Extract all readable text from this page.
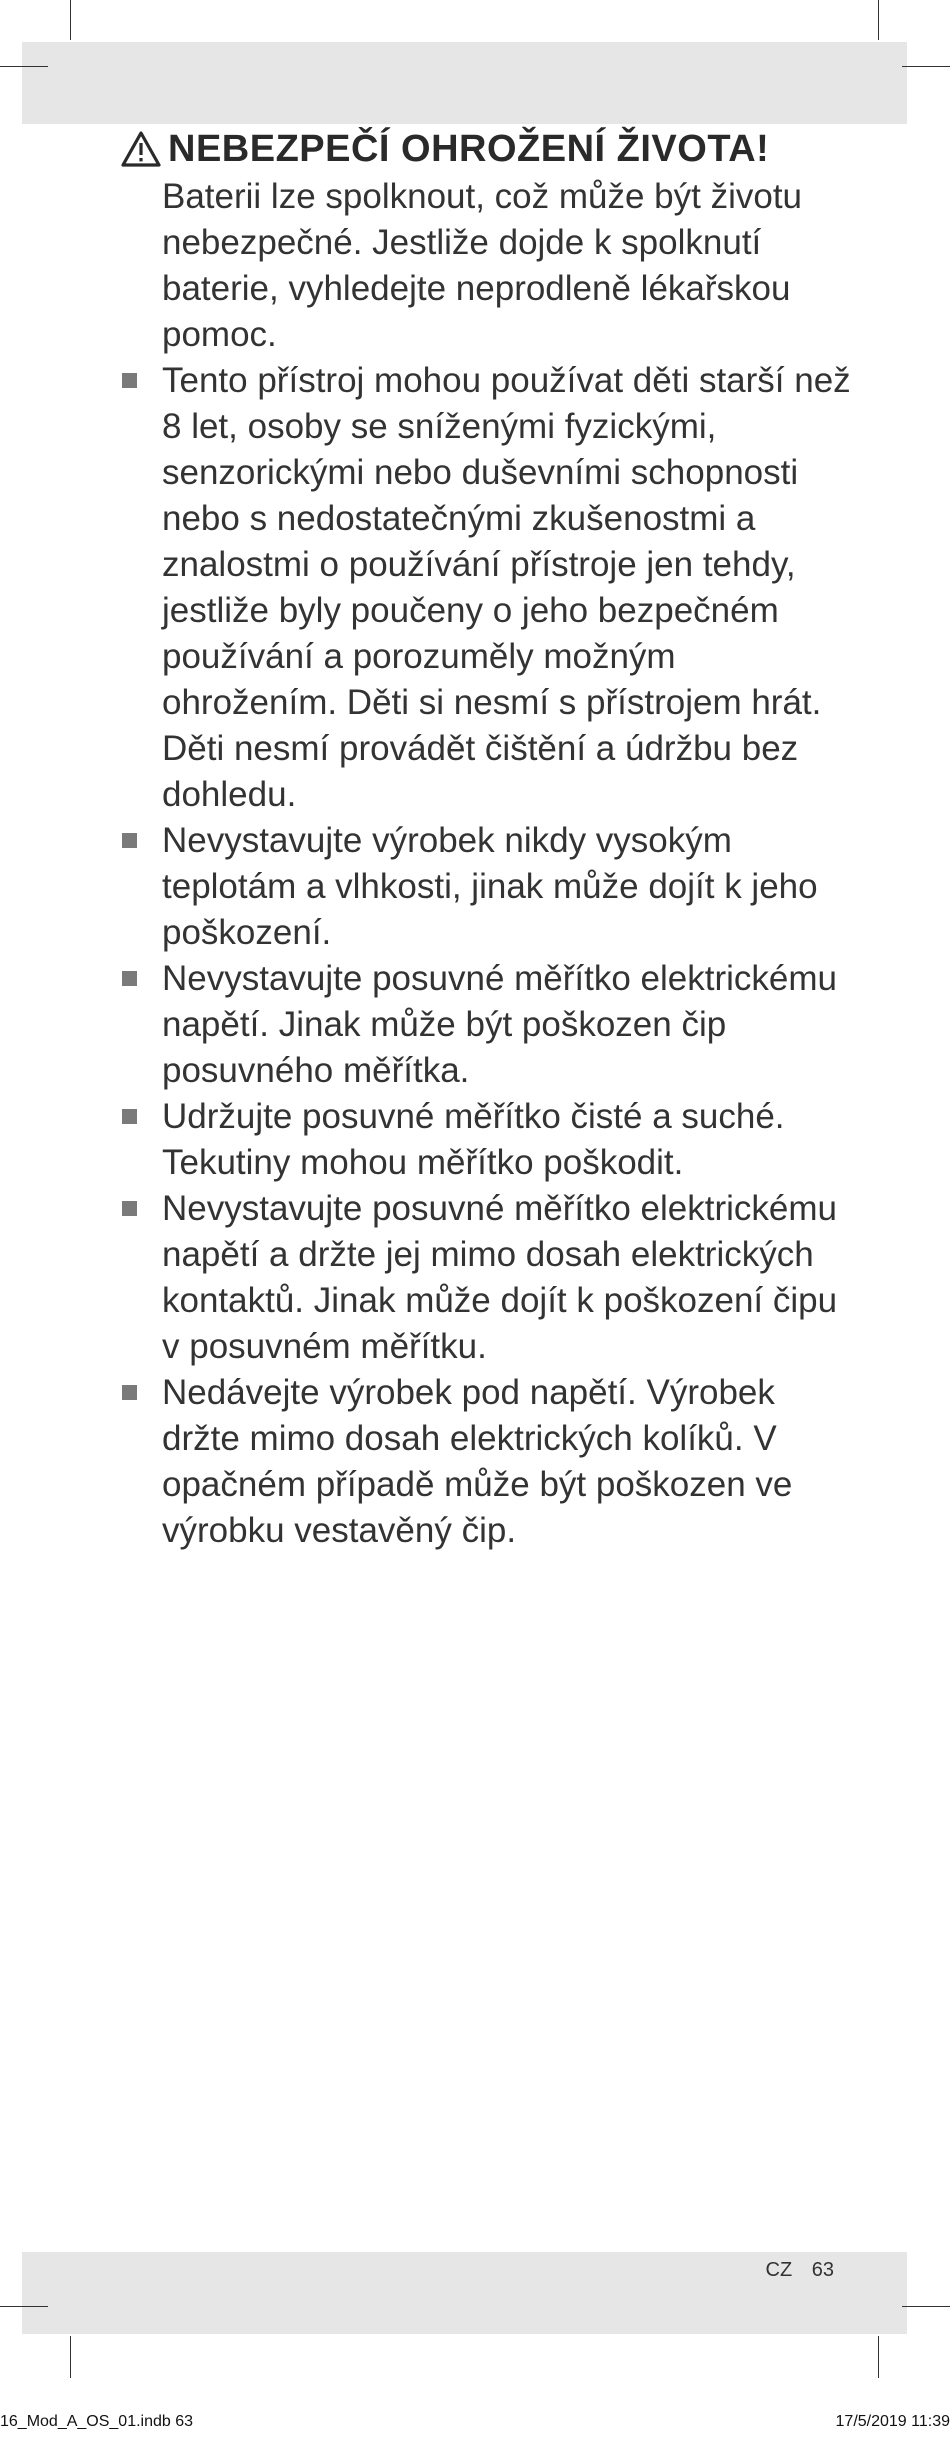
NEBEZPEČÍ OHROŽENÍ ŽIVOTA!
Baterii lze spolknout, což může být životu nebezpečné. Jestliže dojde k spolknutí baterie, vyhledejte neprodleně lékařskou pomoc.
Tento přístroj mohou používat děti starší než 8 let, osoby se sníženými fyzickými, senzorickými nebo duševními schopnosti nebo s nedostatečnými zkušenostmi a znalostmi o používání přístroje jen tehdy, jestliže byly poučeny o jeho bezpečném používání a porozuměly možným ohrožením. Děti si nesmí s přístrojem hrát. Děti nesmí provádět čištění a údržbu bez dohledu.
Nevystavujte výrobek nikdy vysokým teplotám a vlhkosti, jinak může dojít k jeho poškození.
Nevystavujte posuvné měřítko elektrickému napětí. Jinak může být poškozen čip posuvného měřítka.
Udržujte posuvné měřítko čisté a suché. Tekutiny mohou měřítko poškodit.
Nevystavujte posuvné měřítko elektrickému napětí a držte jej mimo dosah elektrických kontaktů. Jinak může dojít k poškození čipu v posuvném měřítku.
Nedávejte výrobek pod napětí. Výrobek držte mimo dosah elektrických kolíků. V opačném případě může být poškozen ve výrobku vestavěný čip.
CZ 63
16_Mod_A_OS_01.indb 63	17/5/2019 11:39
